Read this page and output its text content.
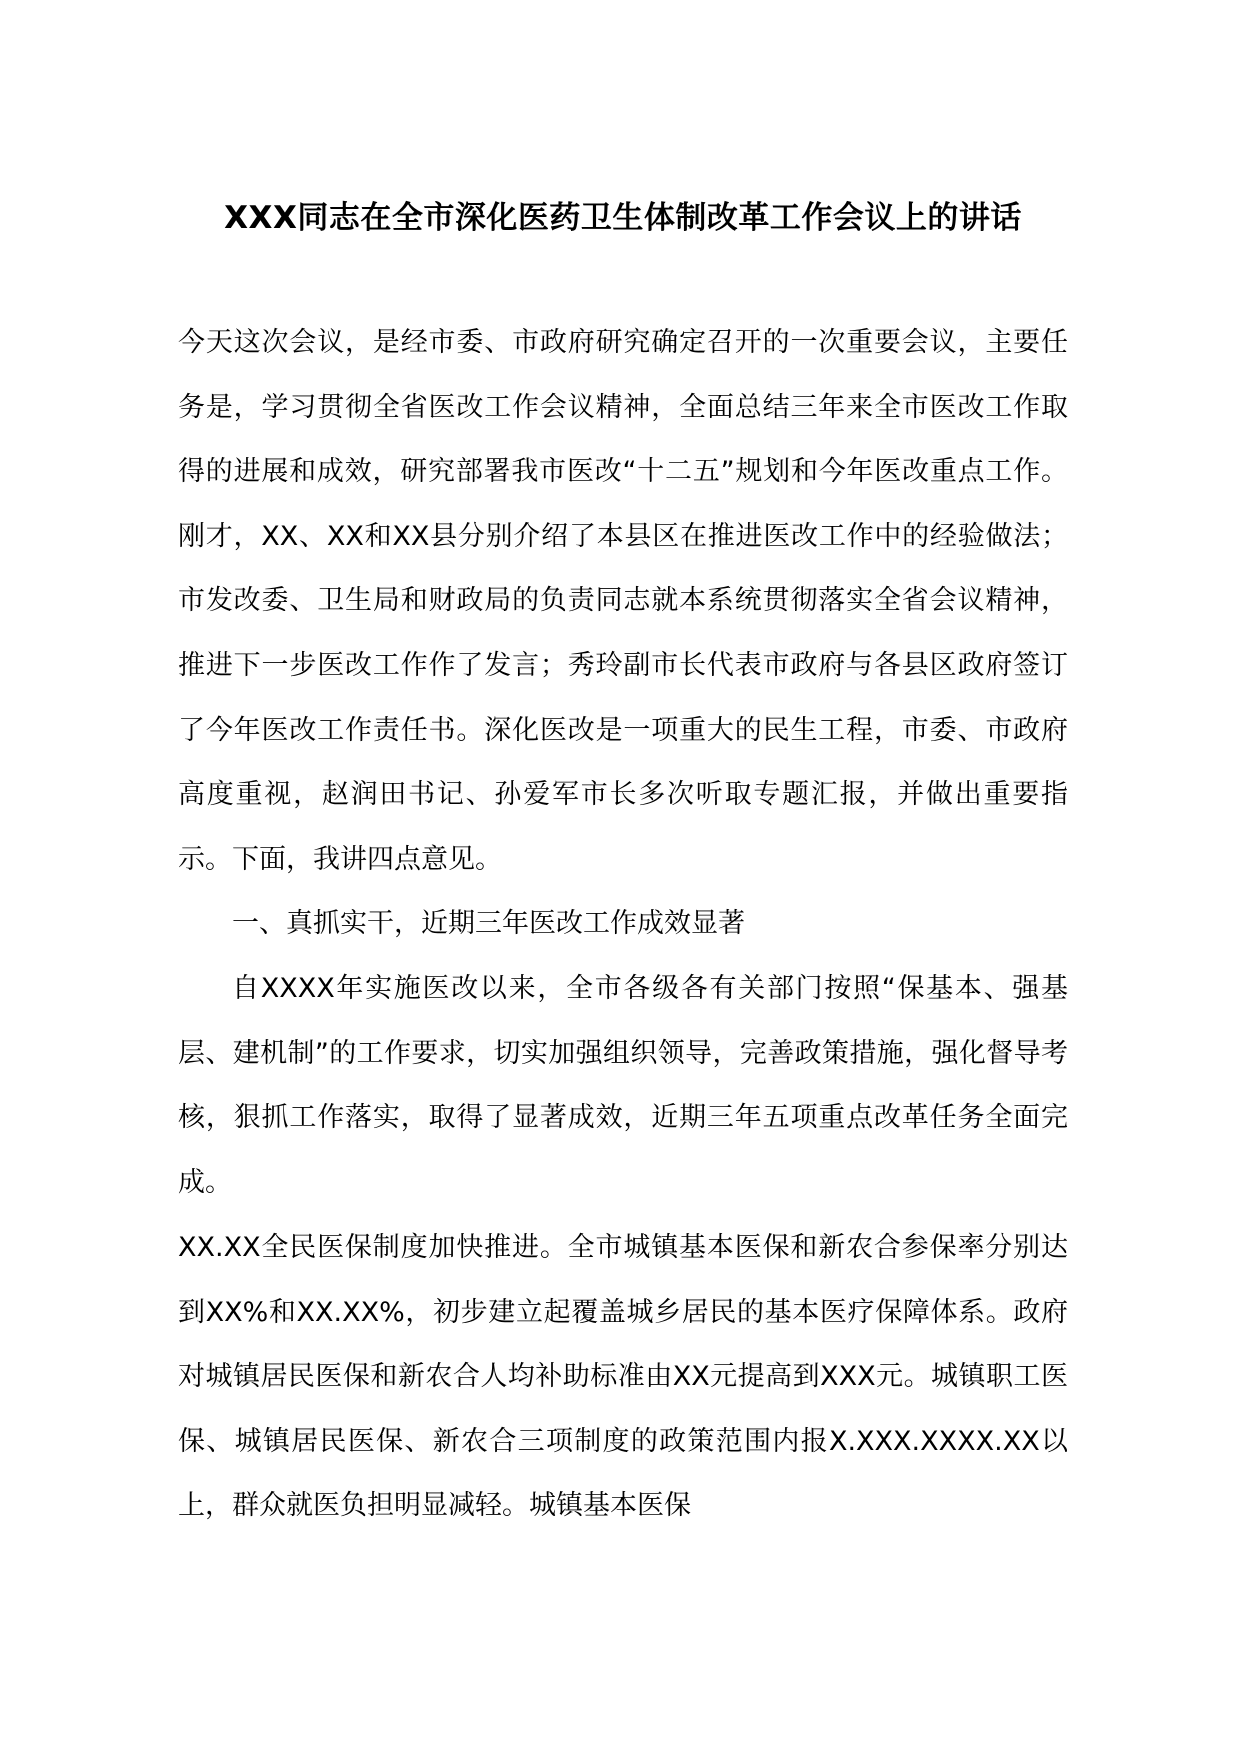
XXX同志在全市深化医药卫生体制改革工作会议上的讲话

今天这次会议，是经市委、市政府研究确定召开的一次重要会议，主要任务是，学习贯彻全省医改工作会议精神，全面总结三年来全市医改工作取得的进展和成效，研究部署我市医改“十二五”规划和今年医改重点工作。刚才，XX、XX和XX县分别介绍了本县区在推进医改工作中的经验做法；市发改委、卫生局和财政局的负责同志就本系统贯彻落实全省会议精神，推进下一步医改工作作了发言；秀玲副市长代表市政府与各县区政府签订了今年医改工作责任书。深化医改是一项重大的民生工程，市委、市政府高度重视，赵润田书记、孙爱军市长多次听取专题汇报，并做出重要指示。下面，我讲四点意见。

一、真抓实干，近期三年医改工作成效显著

自XXXX年实施医改以来，全市各级各有关部门按照“保基本、强基层、建机制”的工作要求，切实加强组织领导，完善政策措施，强化督导考核，狠抓工作落实，取得了显著成效，近期三年五项重点改革任务全面完成。

XX.XX全民医保制度加快推进。全市城镇基本医保和新农合参保率分别达到XX%和XX.XX%，初步建立起覆盖城乡居民的基本医疗保障体系。政府对城镇居民医保和新农合人均补助标准由XX元提高到XXX元。城镇职工医保、城镇居民医保、新农合三项制度的政策范围内报X.XXX.XXXX.XX以上，群众就医负担明显减轻。城镇基本医保
